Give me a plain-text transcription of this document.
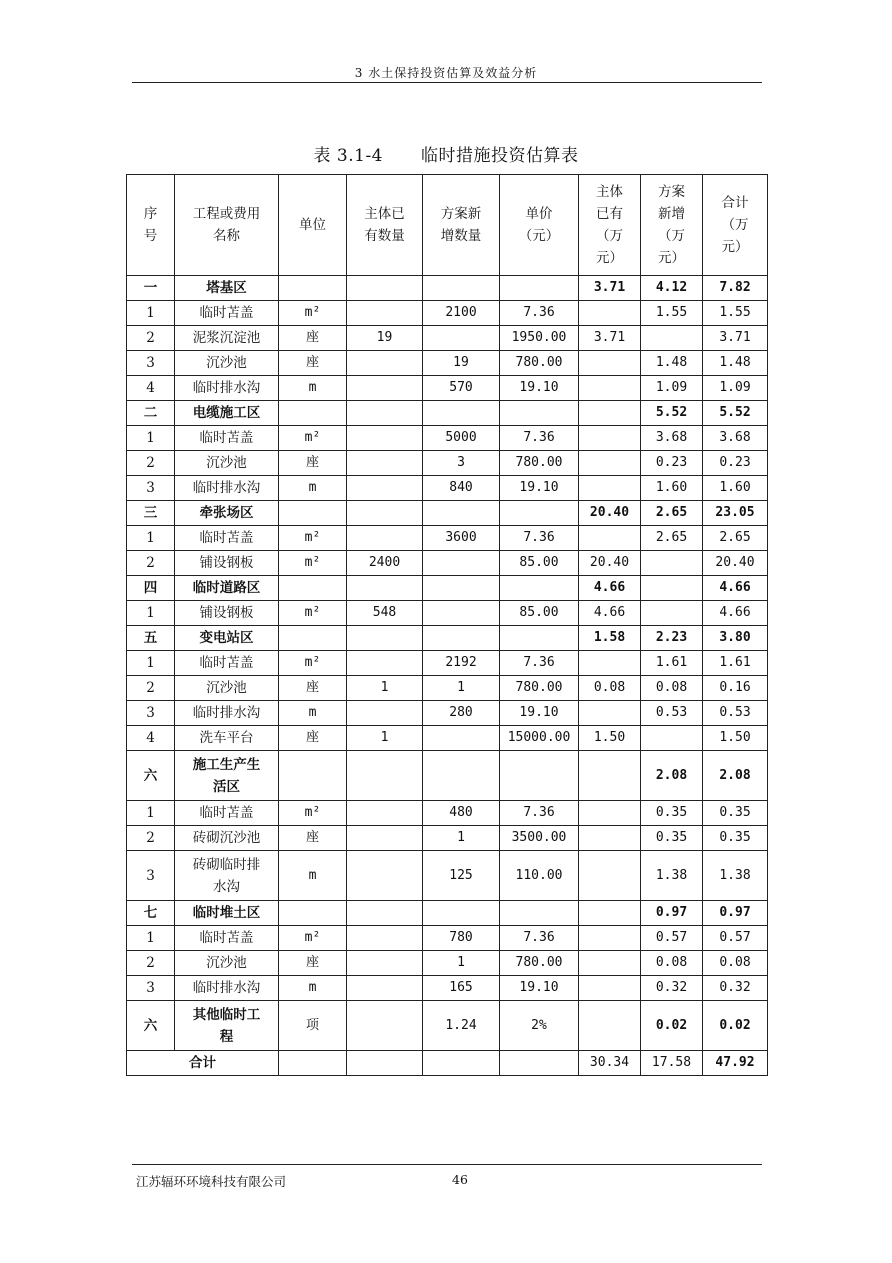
3 水土保持投资估算及效益分析
表 3.1-4 临时措施投资估算表
序号	工程或费用名称	单位	主体已有数量	方案新增数量	单价（元）	主体已有（万元）	方案新增（万元）	合计（万元）
一	塔基区					3.71	4.12	7.82
1	临时苫盖	m²		2100	7.36		1.55	1.55
2	泥浆沉淀池	座	19		1950.00	3.71		3.71
3	沉沙池	座		19	780.00		1.48	1.48
4	临时排水沟	m		570	19.10		1.09	1.09
二	电缆施工区						5.52	5.52
1	临时苫盖	m²		5000	7.36		3.68	3.68
2	沉沙池	座		3	780.00		0.23	0.23
3	临时排水沟	m		840	19.10		1.60	1.60
三	牵张场区					20.40	2.65	23.05
1	临时苫盖	m²		3600	7.36		2.65	2.65
2	铺设钢板	m²	2400		85.00	20.40		20.40
四	临时道路区					4.66		4.66
1	铺设钢板	m²	548		85.00	4.66		4.66
五	变电站区					1.58	2.23	3.80
1	临时苫盖	m²		2192	7.36		1.61	1.61
2	沉沙池	座	1	1	780.00	0.08	0.08	0.16
3	临时排水沟	m		280	19.10		0.53	0.53
4	洗车平台	座	1		15000.00	1.50		1.50
六	施工生产生活区						2.08	2.08
1	临时苫盖	m²		480	7.36		0.35	0.35
2	砖砌沉沙池	座		1	3500.00		0.35	0.35
3	砖砌临时排水沟	m		125	110.00		1.38	1.38
七	临时堆土区						0.97	0.97
1	临时苫盖	m²		780	7.36		0.57	0.57
2	沉沙池	座		1	780.00		0.08	0.08
3	临时排水沟	m		165	19.10		0.32	0.32
六	其他临时工程	项		1.24	2%		0.02	0.02
合计						30.34	17.58	47.92
江苏辐环环境科技有限公司	46
